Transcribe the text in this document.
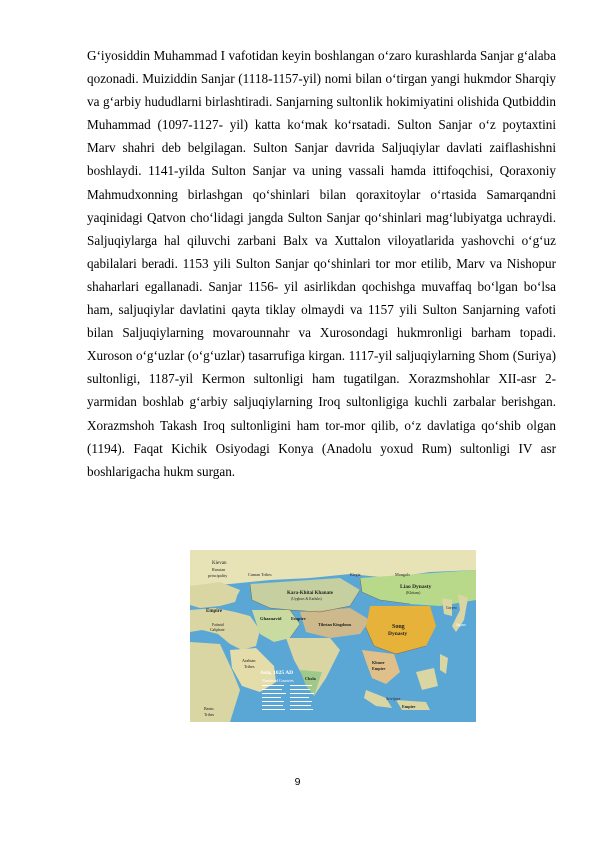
G‘iyosiddin Muhammad I vafotidan keyin boshlangan o‘zaro kurashlarda Sanjar g‘alaba qozonadi. Muiziddin Sanjar (1118-1157-yil) nomi bilan o‘tirgan yangi hukmdor Sharqiy va g‘arbiy hududlarni birlashtiradi. Sanjarning sultonlik hokimiyatini olishida Qutbiddin Muhammad (1097-1127- yil) katta ko‘mak ko‘rsatadi. Sulton Sanjar o‘z poytaxtini Marv shahri deb belgilagan. Sulton Sanjar davrida Saljuqiylar davlati zaiflashishni boshlaydi. 1141-yilda Sulton Sanjar va uning vassali hamda ittifoqchisi, Qoraxoniy Mahmudxonning birlashgan qo‘shinlari bilan qoraxitoylar o‘rtasida Samarqandni yaqinidagi Qatvon cho‘lidagi jangda Sulton Sanjar qo‘shinlari mag‘lubiyatga uchraydi. Saljuqiylarga hal qiluvchi zarbani Balx va Xuttalon viloyatlarida yashovchi o‘g‘uz qabilalari beradi. 1153 yili Sulton Sanjar qo‘shinlari tor mor etilib, Marv va Nishopur shaharlari egallanadi. Sanjar 1156- yil asirlikdan qochishga muvaffaq bo‘lgan bo‘lsa ham, saljuqiylar davlatini qayta tiklay olmaydi va 1157 yili Sulton Sanjarning vafoti bilan Saljuqiylarning movarounnahr va Xurosondagi hukmronligi barham topadi. Xuroson o‘g‘uzlar (o‘g‘uzlar) tasarrufiga kirgan. 1117-yil saljuqiylarning Shom (Suriya) sultonligi, 1187-yil Kermon sultonligi ham tugatilgan. Xorazmshohlar XII-asr 2-yarmidan boshlab g‘arbiy saljuqiylarning Iroq sultonligiga kuchli zarbalar berishgan. Xorazmshoh Takash Iroq sultonligini ham tor-mor qilib, o‘z davlatiga qo‘shib olgan (1194). Faqat Kichik Osiyodagi Konya (Anadolu yoxud Rum) sultonligi IV asr boshlarigacha hukm surgan.

Kievan
Russian
principality	Cuman Tribes
Kara-Khitai Khanate
(Uyghurs & Karluks)
Kirgiz	Mongols
Liao Dynasty
(Khitans)
Empire
Ghaznavid Empire
Tibetan Kingdoms	Song
Dynasty
Goryeo
Japan
Fatimid
Caliphate
Arabian
Tribes
Chola
Khmer
Empire
Asia, 1025 AD
Numbered Countries
Srivijaya
Empire
Bantu
Tribes
9
